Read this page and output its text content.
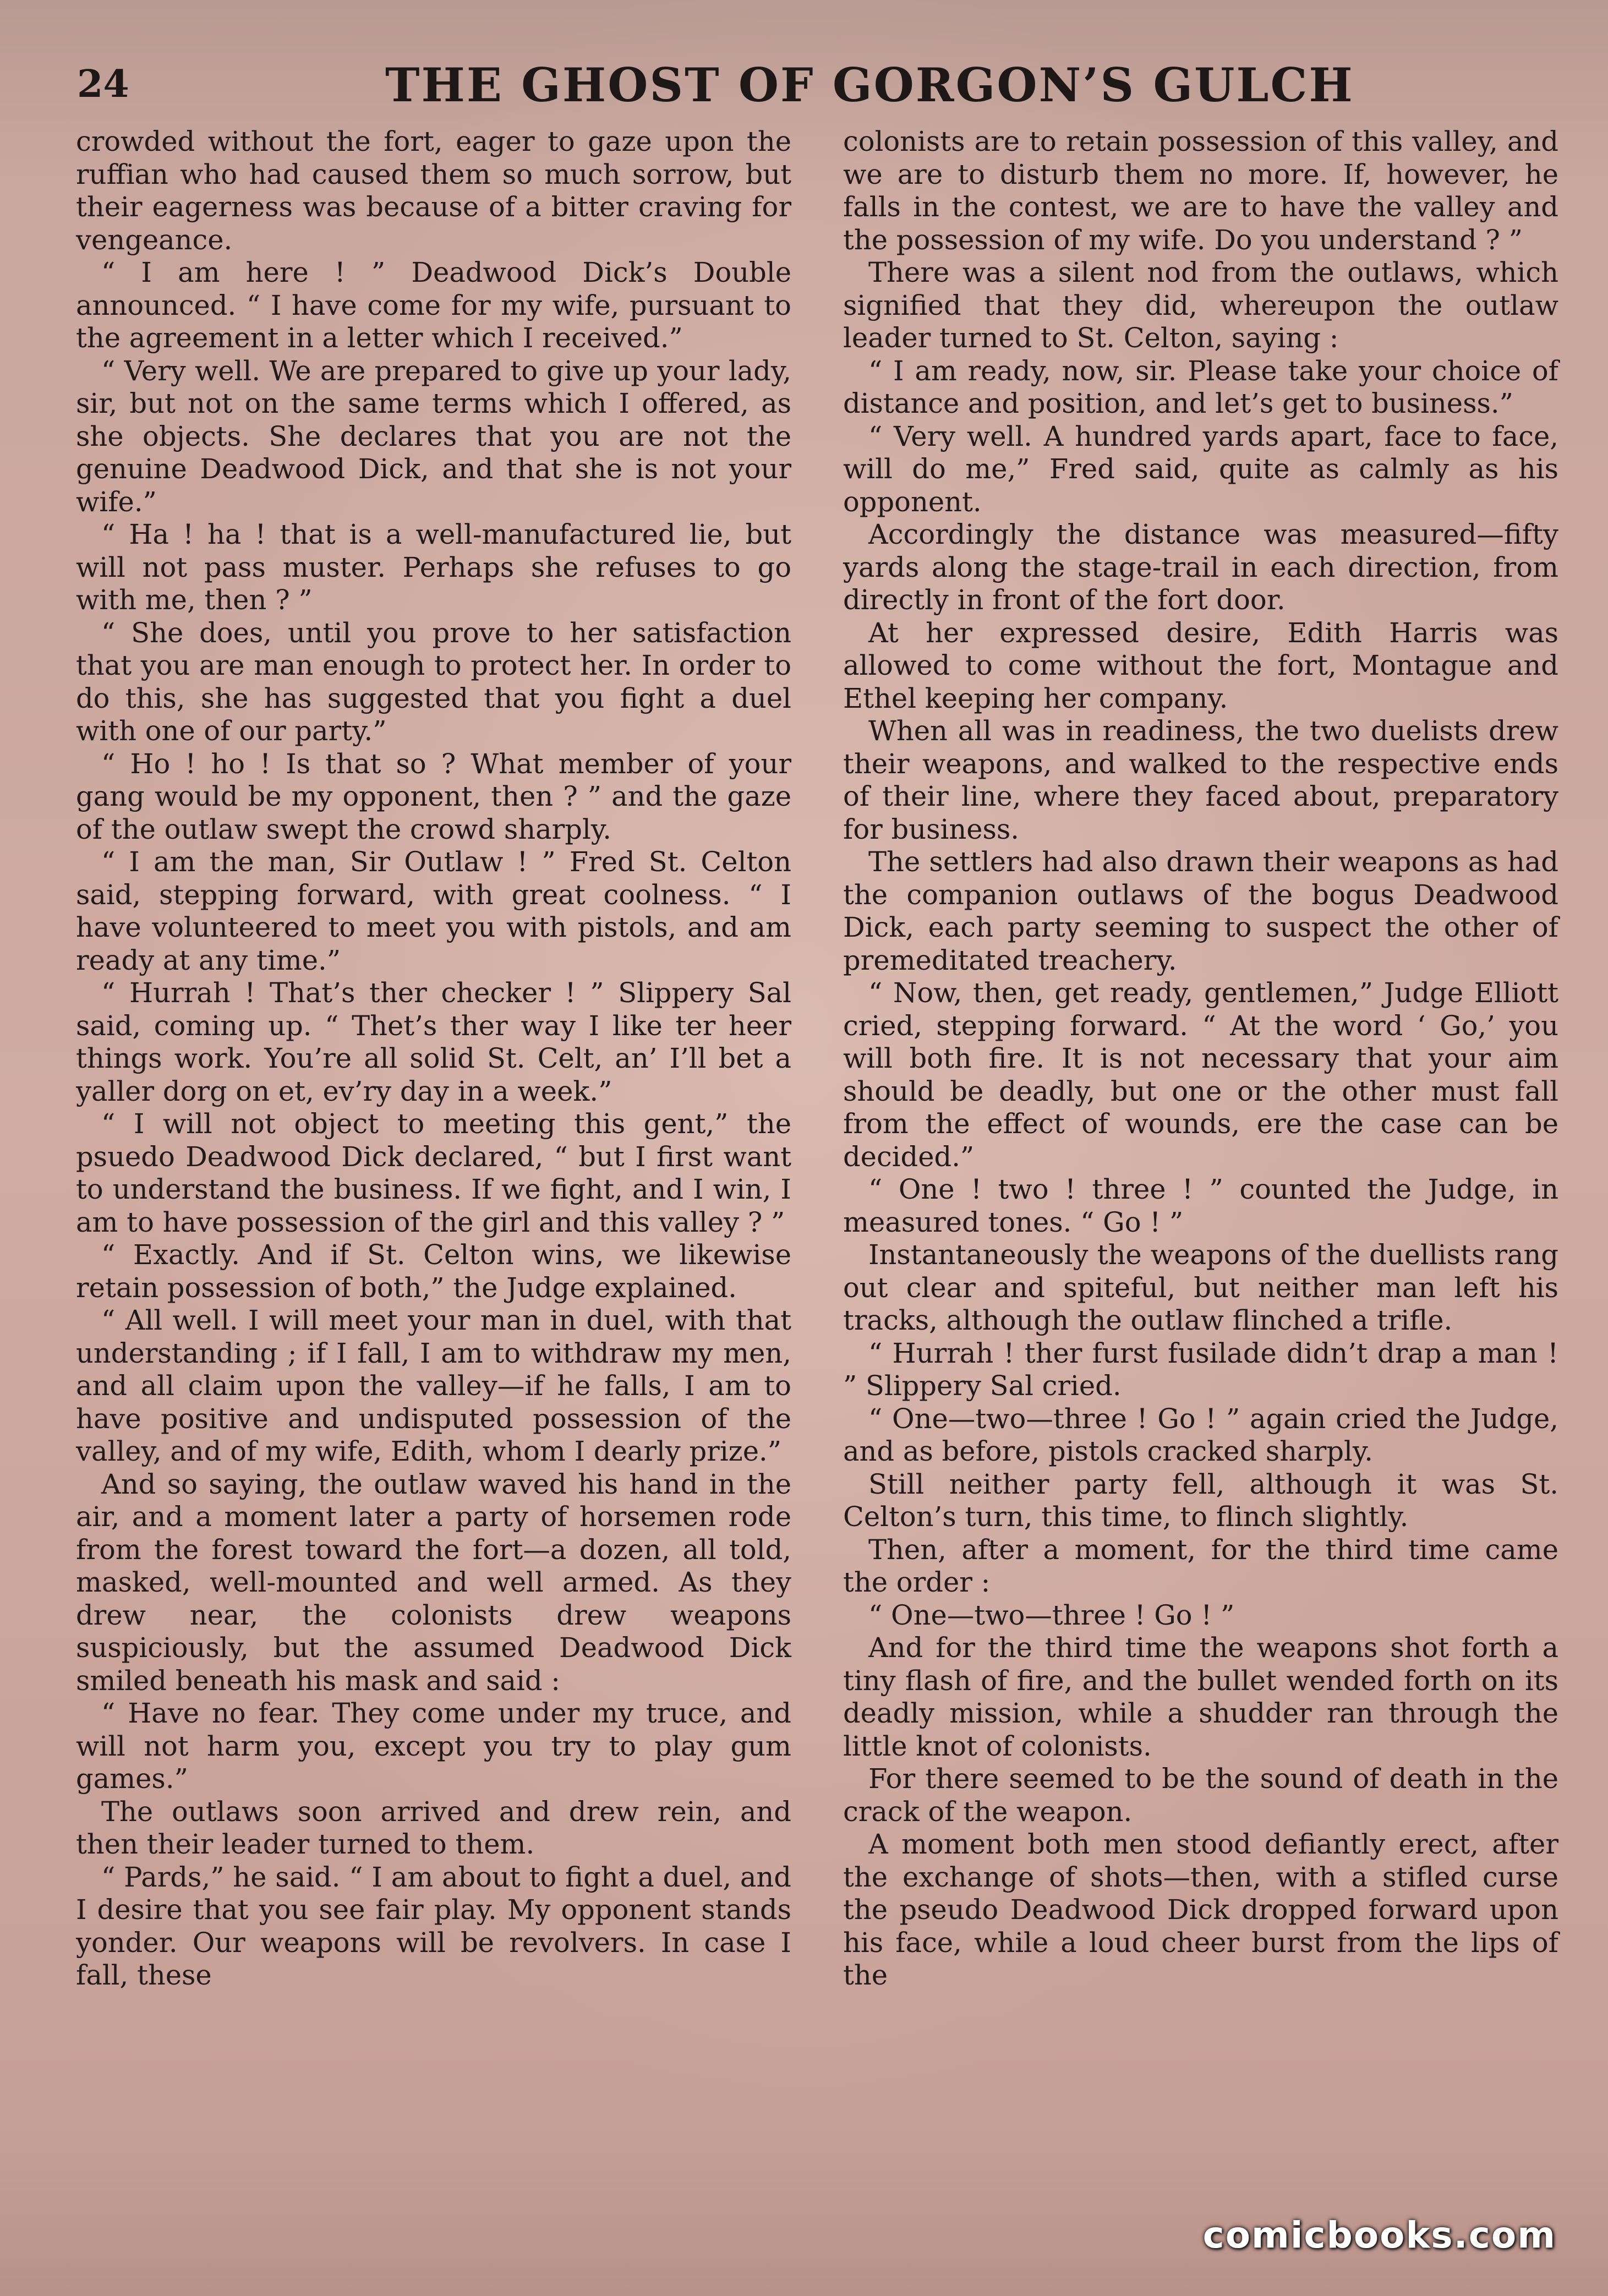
24	THE GHOST OF GORGON’S GULCH

crowded without the fort, eager to gaze upon the ruffian who had caused them so much sorrow, but their eagerness was because of a bitter craving for vengeance.

“ I am here ! ” Deadwood Dick’s Double announced. “ I have come for my wife, pursuant to the agreement in a letter which I received.”

“ Very well. We are prepared to give up your lady, sir, but not on the same terms which I offered, as she objects. She declares that you are not the genuine Deadwood Dick, and that she is not your wife.”

“ Ha ! ha ! that is a well-manufactured lie, but will not pass muster. Perhaps she refuses to go with me, then ? ”

“ She does, until you prove to her satisfaction that you are man enough to protect her. In order to do this, she has suggested that you fight a duel with one of our party.”

“ Ho ! ho ! Is that so ? What member of your gang would be my opponent, then ? ” and the gaze of the outlaw swept the crowd sharply.

“ I am the man, Sir Outlaw ! ” Fred St. Celton said, stepping forward, with great coolness. “ I have volunteered to meet you with pistols, and am ready at any time.”

“ Hurrah ! That’s ther checker ! ” Slippery Sal said, coming up. “ Thet’s ther way I like ter heer things work. You’re all solid St. Celt, an’ I’ll bet a yaller dorg on et, ev’ry day in a week.”

“ I will not object to meeting this gent,” the psuedo Deadwood Dick declared, “ but I first want to understand the business. If we fight, and I win, I am to have possession of the girl and this valley ? ”

“ Exactly. And if St. Celton wins, we likewise retain possession of both,” the Judge explained.

“ All well. I will meet your man in duel, with that understanding ; if I fall, I am to withdraw my men, and all claim upon the valley—if he falls, I am to have positive and undisputed possession of the valley, and of my wife, Edith, whom I dearly prize.”

And so saying, the outlaw waved his hand in the air, and a moment later a party of horsemen rode from the forest toward the fort—a dozen, all told, masked, well-mounted and well armed. As they drew near, the colonists drew weapons suspiciously, but the assumed Deadwood Dick smiled beneath his mask and said :

“ Have no fear. They come under my truce, and will not harm you, except you try to play gum games.”

The outlaws soon arrived and drew rein, and then their leader turned to them.

“ Pards,” he said. “ I am about to fight a duel, and I desire that you see fair play. My opponent stands yonder. Our weapons will be revolvers. In case I fall, these

colonists are to retain possession of this valley, and we are to disturb them no more. If, however, he falls in the contest, we are to have the valley and the possession of my wife. Do you understand ? ”

There was a silent nod from the outlaws, which signified that they did, whereupon the outlaw leader turned to St. Celton, saying :

“ I am ready, now, sir. Please take your choice of distance and position, and let’s get to business.”

“ Very well. A hundred yards apart, face to face, will do me,” Fred said, quite as calmly as his opponent.

Accordingly the distance was measured—fifty yards along the stage-trail in each direction, from directly in front of the fort door.

At her expressed desire, Edith Harris was allowed to come without the fort, Montague and Ethel keeping her company.

When all was in readiness, the two duelists drew their weapons, and walked to the respective ends of their line, where they faced about, preparatory for business.

The settlers had also drawn their weapons as had the companion outlaws of the bogus Deadwood Dick, each party seeming to suspect the other of premeditated treachery.

“ Now, then, get ready, gentlemen,” Judge Elliott cried, stepping forward. “ At the word ‘ Go,’ you will both fire. It is not necessary that your aim should be deadly, but one or the other must fall from the effect of wounds, ere the case can be decided.”

“ One ! two ! three ! ” counted the Judge, in measured tones. “ Go ! ”

Instantaneously the weapons of the duellists rang out clear and spiteful, but neither man left his tracks, although the outlaw flinched a trifle.

“ Hurrah ! ther furst fusilade didn’t drap a man ! ” Slippery Sal cried.

“ One—two—three ! Go ! ” again cried the Judge, and as before, pistols cracked sharply.

Still neither party fell, although it was St. Celton’s turn, this time, to flinch slightly.

Then, after a moment, for the third time came the order :

“ One—two—three ! Go ! ”

And for the third time the weapons shot forth a tiny flash of fire, and the bullet wended forth on its deadly mission, while a shudder ran through the little knot of colonists.

For there seemed to be the sound of death in the crack of the weapon.

A moment both men stood defiantly erect, after the exchange of shots—then, with a stifled curse the pseudo Deadwood Dick dropped forward upon his face, while a loud cheer burst from the lips of the

comicbooks.com
